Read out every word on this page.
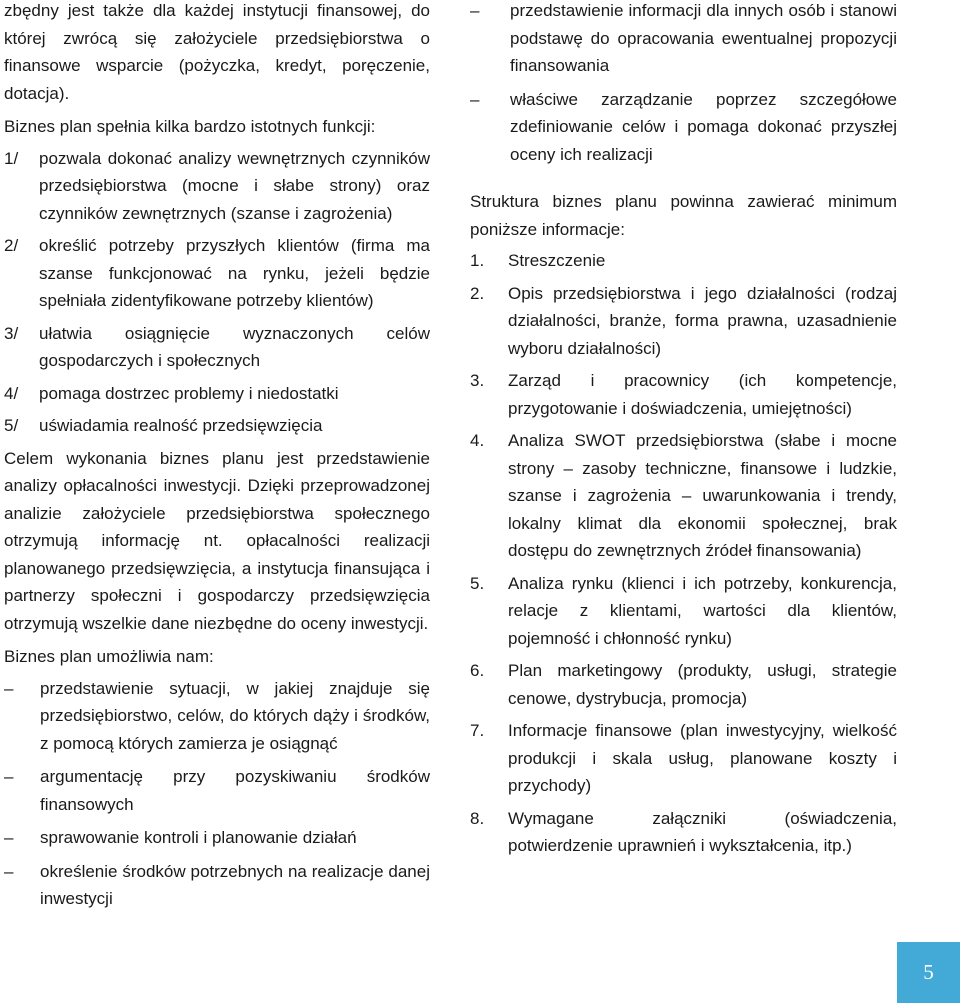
zbędny jest także dla każdej instytucji finansowej, do której zwrócą się założyciele przedsiębiorstwa o finansowe wsparcie (pożyczka, kredyt, poręczenie, dotacja).

Biznes plan spełnia kilka bardzo istotnych funkcji:

1/	pozwala dokonać analizy wewnętrznych czynników przedsiębiorstwa (mocne i słabe strony) oraz czynników zewnętrznych (szanse i zagrożenia)
2/	określić potrzeby przyszłych klientów (firma ma szanse funkcjonować na rynku, jeżeli będzie spełniała zidentyfikowane potrzeby klientów)
3/	ułatwia osiągnięcie wyznaczonych celów gospodarczych i społecznych
4/	pomaga dostrzec problemy i niedostatki
5/	uświadamia realność przedsięwzięcia

Celem wykonania biznes planu jest przedstawienie analizy opłacalności inwestycji. Dzięki przeprowadzonej analizie założyciele przedsiębiorstwa społecznego otrzymują informację nt. opłacalności realizacji planowanego przedsięwzięcia, a instytucja finansująca i partnerzy społeczni i gospodarczy przedsięwzięcia otrzymują wszelkie dane niezbędne do oceny inwestycji.

Biznes plan umożliwia nam:

–	przedstawienie sytuacji, w jakiej znajduje się przedsiębiorstwo, celów, do których dąży i środków, z pomocą których zamierza je osiągnąć
–	argumentację przy pozyskiwaniu środków finansowych
–	sprawowanie kontroli i planowanie działań
–	określenie środków potrzebnych na realizacje danej inwestycji
–	przedstawienie informacji dla innych osób i stanowi podstawę do opracowania ewentualnej propozycji finansowania
–	właściwe zarządzanie poprzez szczegółowe zdefiniowanie celów i pomaga dokonać przyszłej oceny ich realizacji

Struktura biznes planu powinna zawierać minimum poniższe informacje:

1.	Streszczenie
2.	Opis przedsiębiorstwa i jego działalności (rodzaj działalności, branże, forma prawna, uzasadnienie wyboru działalności)
3.	Zarząd i pracownicy (ich kompetencje, przygotowanie i doświadczenia, umiejętności)
4.	Analiza SWOT przedsiębiorstwa (słabe i mocne strony – zasoby techniczne, finansowe i ludzkie, szanse i zagrożenia – uwarunkowania i trendy, lokalny klimat dla ekonomii społecznej, brak dostępu do zewnętrznych źródeł finansowania)
5.	Analiza rynku (klienci i ich potrzeby, konkurencja, relacje z klientami, wartości dla klientów, pojemność i chłonność rynku)
6.	Plan marketingowy (produkty, usługi, strategie cenowe, dystrybucja, promocja)
7.	Informacje finansowe (plan inwestycyjny, wielkość produkcji i skala usług, planowane koszty i przychody)
8.	Wymagane załączniki (oświadczenia, potwierdzenie uprawnień i wykształcenia, itp.)
5
